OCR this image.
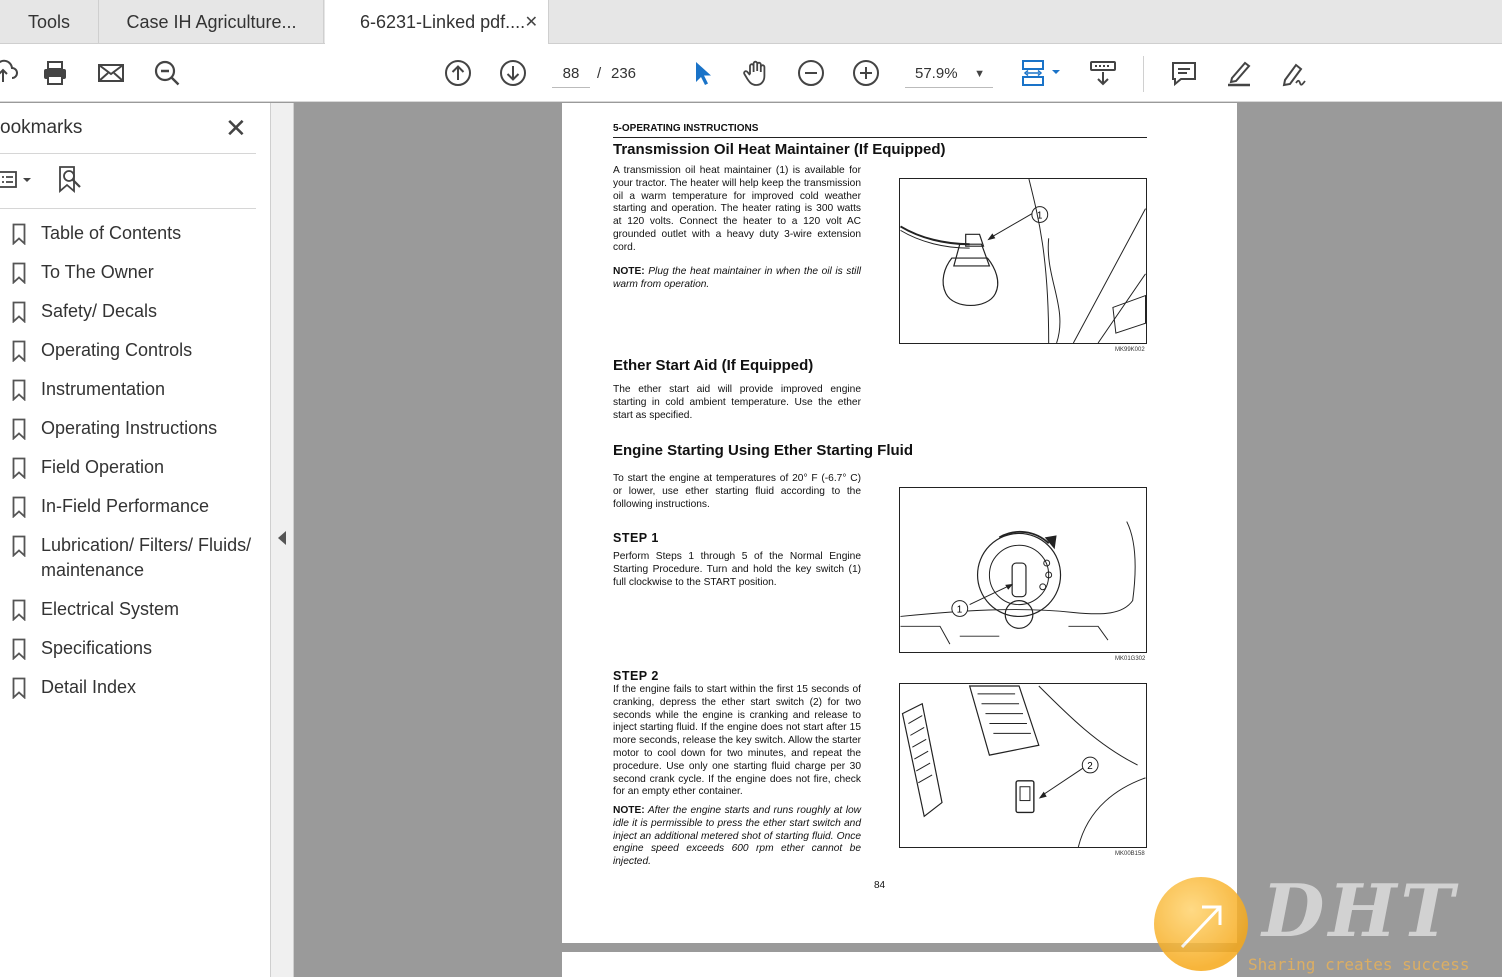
Tools	Case IH Agriculture...	6-6231-Linked pdf.... ✕
88	/ 236	57.9% ▼
ookmarks	✕
Table of Contents
To The Owner
Safety/ Decals
Operating Controls
Instrumentation
Operating Instructions
Field Operation
In-Field Performance
Lubrication/ Filters/ Fluids/ maintenance
Electrical System
Specifications
Detail Index
5-OPERATING INSTRUCTIONS
Transmission Oil Heat Maintainer (If Equipped)
A transmission oil heat maintainer (1) is available for your tractor. The heater will help keep the transmission oil a warm temperature for improved cold weather starting and operation. The heater rating is 300 watts at 120 volts. Connect the heater to a 120 volt AC grounded outlet with a heavy duty 3-wire extension cord.
NOTE: Plug the heat maintainer in when the oil is still warm from operation.
1
MK99K002
Ether Start Aid (If Equipped)
The ether start aid will provide improved engine starting in cold ambient temperature. Use the ether start as specified.
Engine Starting Using Ether Starting Fluid
To start the engine at temperatures of 20° F (-6.7° C) or lower, use ether starting fluid according to the following instructions.
STEP 1
Perform Steps 1 through 5 of the Normal Engine Starting Procedure. Turn and hold the key switch (1) full clockwise to the START position.
1
MK01G302
STEP 2
If the engine fails to start within the first 15 seconds of cranking, depress the ether start switch (2) for two seconds while the engine is cranking and release to inject starting fluid. If the engine does not start after 15 more seconds, release the key switch. Allow the starter motor to cool down for two minutes, and repeat the procedure. Use only one starting fluid charge per 30 second crank cycle. If the engine does not fire, check for an empty ether container.
NOTE: After the engine starts and runs roughly at low idle it is permissible to press the ether start switch and inject an additional metered shot of starting fluid. Once engine speed exceeds 600 rpm ether cannot be injected.
2
MK00B158
84	DHT
Sharing creates success
